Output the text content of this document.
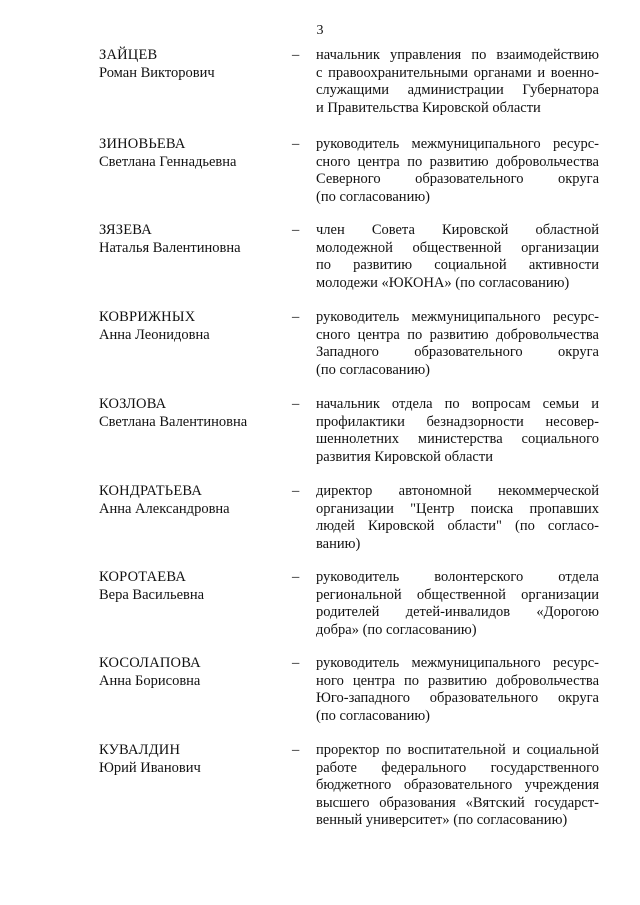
3
ЗАЙЦЕВ
Роман Викторович
– начальник управления по взаимодействию
с правоохранительными органами и военно-
служащими администрации Губернатора
и Правительства Кировской области
ЗИНОВЬЕВА
Светлана Геннадьевна
– руководитель межмуниципального ресурс-
сного центра по развитию добровольчества
Северного образовательного округа
(по согласованию)
ЗЯЗЕВА
Наталья Валентиновна
– член Совета Кировской областной
молодежной общественной организации
по развитию социальной активности
молодежи «ЮКОНА» (по согласованию)
КОВРИЖНЫХ
Анна Леонидовна
– руководитель межмуниципального ресурс-
сного центра по развитию добровольчества
Западного образовательного округа
(по согласованию)
КОЗЛОВА
Светлана Валентиновна
– начальник отдела по вопросам семьи и
профилактики безнадзорности несовер-
шеннолетних министерства социального
развития Кировской области
КОНДРАТЬЕВА
Анна Александровна
– директор автономной некоммерческой
организации "Центр поиска пропавших
людей Кировской области" (по согласо-
ванию)
КОРОТАЕВА
Вера Васильевна
– руководитель волонтерского отдела
региональной общественной организации
родителей детей-инвалидов «Дорогою
добра» (по согласованию)
КОСОЛАПОВА
Анна Борисовна
– руководитель межмуниципального ресурс-
ного центра по развитию добровольчества
Юго-западного образовательного округа
(по согласованию)
КУВАЛДИН
Юрий Иванович
– проректор по воспитательной и социальной
работе федерального государственного
бюджетного образовательного учреждения
высшего образования «Вятский государст-
венный университет» (по согласованию)
